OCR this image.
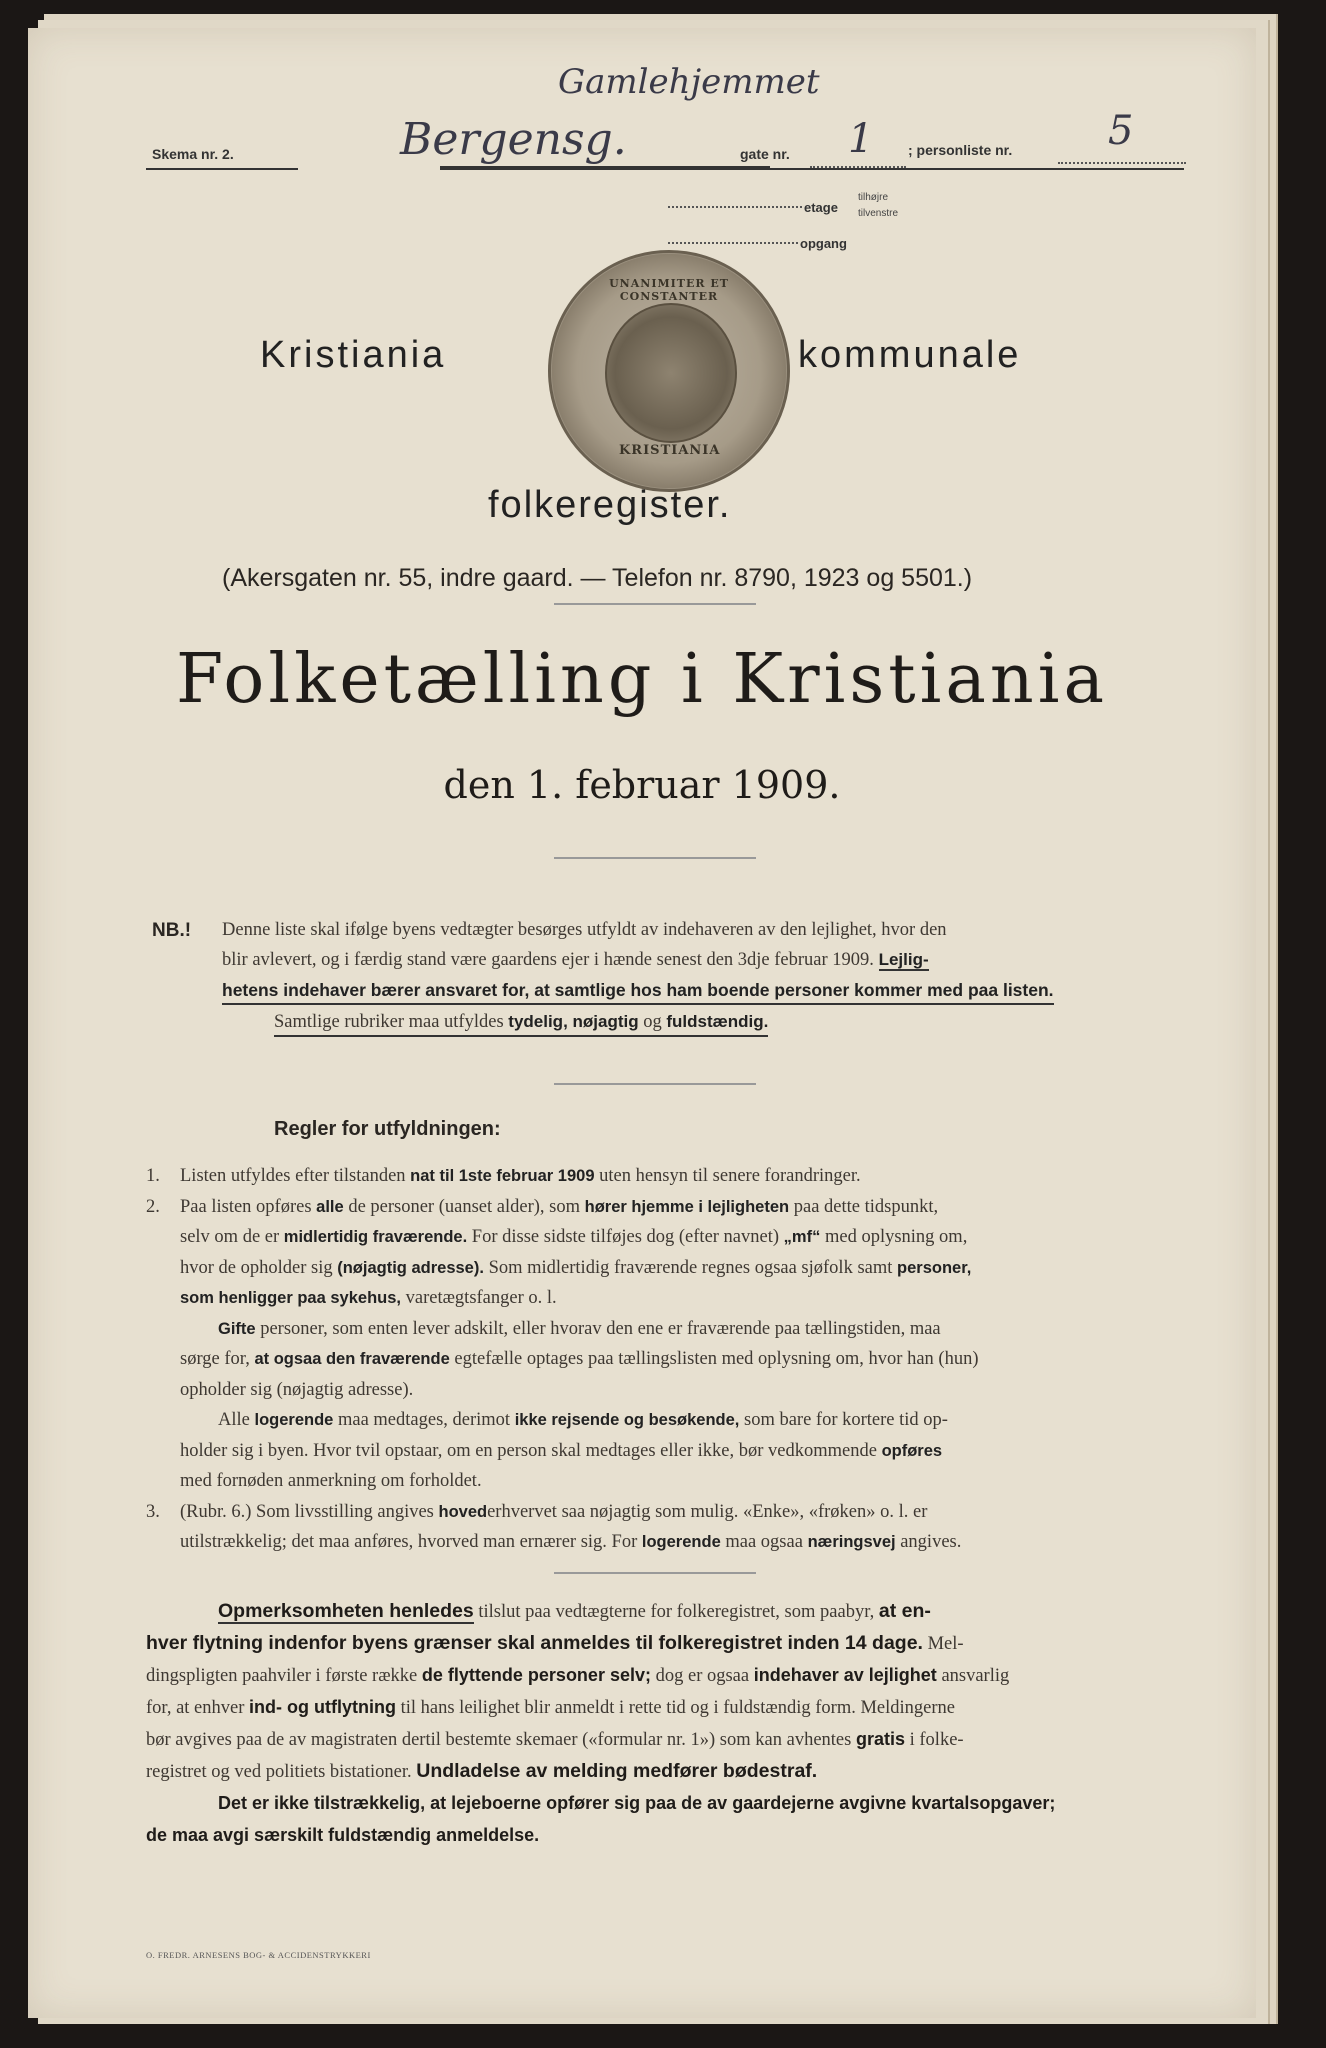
Skema nr. 2.
Gamlehjemmet
Bergensg.	gate nr. 1 ; personliste nr. 5
etage
tilhøjre
tilvenstre
opgang
Kristiania
UNANIMITER ET CONSTANTER
KRISTIANIA
kommunale
folkeregister.
(Akersgaten nr. 55, indre gaard. — Telefon nr. 8790, 1923 og 5501.)
Folketælling i Kristiania
den 1. februar 1909.
NB.! Denne liste skal ifølge byens vedtægter besørges utfyldt av indehaveren av den lejlighet, hvor den
blir avlevert, og i færdig stand være gaardens ejer i hænde senest den 3dje februar 1909. Lejlig-
hetens indehaver bærer ansvaret for, at samtlige hos ham boende personer kommer med paa listen.
Samtlige rubriker maa utfyldes tydelig, nøjagtig og fuldstændig.
Regler for utfyldningen:
1. Listen utfyldes efter tilstanden nat til 1ste februar 1909 uten hensyn til senere forandringer.
2. Paa listen opføres alle de personer (uanset alder), som hører hjemme i lejligheten paa dette tidspunkt,
selv om de er midlertidig fraværende. For disse sidste tilføjes dog (efter navnet) „mf“ med oplysning om,
hvor de opholder sig (nøjagtig adresse). Som midlertidig fraværende regnes ogsaa sjøfolk samt personer,
som henligger paa sykehus, varetægtsfanger o. l.
Gifte personer, som enten lever adskilt, eller hvorav den ene er fraværende paa tællingstiden, maa
sørge for, at ogsaa den fraværende egtefælle optages paa tællingslisten med oplysning om, hvor han (hun)
opholder sig (nøjagtig adresse).
Alle logerende maa medtages, derimot ikke rejsende og besøkende, som bare for kortere tid op-
holder sig i byen. Hvor tvil opstaar, om en person skal medtages eller ikke, bør vedkommende opføres
med fornøden anmerkning om forholdet.
3. (Rubr. 6.) Som livsstilling angives hovederhvervet saa nøjagtig som mulig. «Enke», «frøken» o. l. er
utilstrækkelig; det maa anføres, hvorved man ernærer sig. For logerende maa ogsaa næringsvej angives.
Opmerksomheten henledes tilslut paa vedtægterne for folkeregistret, som paabyr, at en-
hver flytning indenfor byens grænser skal anmeldes til folkeregistret inden 14 dage. Mel-
dingspligten paahviler i første række de flyttende personer selv; dog er ogsaa indehaver av lejlighet ansvarlig
for, at enhver ind- og utflytning til hans leilighet blir anmeldt i rette tid og i fuldstændig form. Meldingerne
bør avgives paa de av magistraten dertil bestemte skemaer («formular nr. 1») som kan avhentes gratis i folke-
registret og ved politiets bistationer. Undladelse av melding medfører bødestraf.
Det er ikke tilstrækkelig, at lejeboerne opfører sig paa de av gaardejerne avgivne kvartalsopgaver;
de maa avgi særskilt fuldstændig anmeldelse.
O. FREDR. ARNESENS BOG- & ACCIDENSTRYKKERI
